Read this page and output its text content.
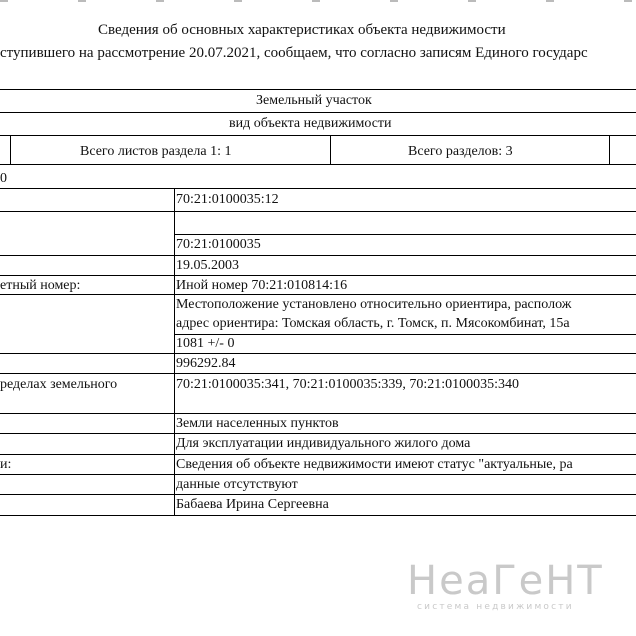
Сведения об основных характеристиках объекта недвижимости
ступившего на рассмотрение 20.07.2021, сообщаем, что согласно записям Единого государс
Земельный участок
вид объекта недвижимости
Всего листов раздела 1: 1	Всего разделов: 3
0
70:21:0100035:12
70:21:0100035
19.05.2003
етный номер:	Иной номер 70:21:010814:16
Местоположение установлено относительно ориентира, располож
адрес ориентира: Томская область, г. Томск, п. Мясокомбинат, 15а
1081 +/- 0
996292.84
ределах земельного	70:21:0100035:341, 70:21:0100035:339, 70:21:0100035:340
Земли населенных пунктов
Для эксплуатации индивидуального жилого дома
и:	Сведения об объекте недвижимости имеют статус "актуальные, ра
данные отсутствуют
Бабаева Ирина Сергеевна
НеаГеНТ
система недвижимости
